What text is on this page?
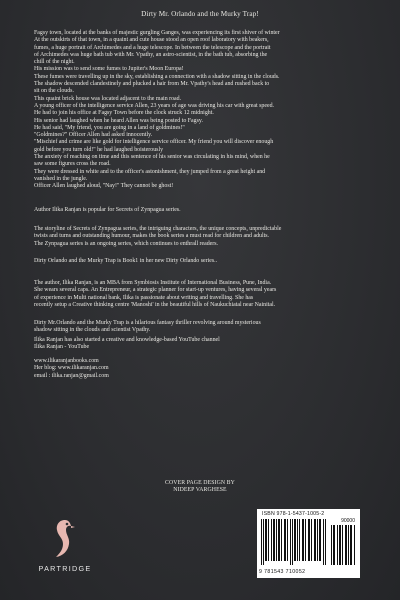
Dirty Mr. Orlando and the Murky Trap!
Fagsy town, located at the banks of majestic gurgling Ganges, was experiencing its first shiver of winter
At the outskirts of that town, in a quaint and cute house stood an open roof laboratory with beakers,
fumes, a huge portrait of Archimedes and a huge telescope. In between the telescope and the portrait
of Archimedes was huge bath tub with Mr. Vpathy, an astro-scientist, in the bath tub, absorbing the
chill of the night.
His mission was to send some fumes to Jupiter's Moon Europa!
These fumes were travelling up in the sky, establishing a connection with a shadow sitting in the clouds.
The shadow descended clandestinely and plucked a hair from Mr. Vpathy's head and rushed back to
sit on the clouds.
This quaint brick house was located adjacent to the main road.
A young officer of the intelligence service Allen, 23 years of age was driving his car with great speed.
He had to join his office at Fagsy Town before the clock struck 12 midnight.
His senior had laughed when he heard Allen was being posted to Fagsy.
He had said, "My friend, you are going in a land of goldmines!"
"Goldmines?" Officer Allen had asked innocently.
"Mischief and crime are like gold for intelligence service officer. My friend you will discover enough
gold before you turn old!" he had laughed boisterously
The anxiety of reaching on time and this sentence of his senior was circulating in his mind, when he
saw some figures cross the road.
They were dressed in white and to the officer's astonishment, they jumped from a great height and
vanished in the jungle.
Officer Allen laughed aloud, "Nay!" They cannot be ghost!
Author Ilika Ranjan is popular for Secrets of Zynpagua series.
The storyline of Secrets of Zynpagua series, the intriguing characters, the unique concepts, unpredictable
twists and turns and outstanding humour, makes the book series a must read for children and adults.
The Zynpagua series is an ongoing series, which continues to enthrall readers.
Dirty Orlando and the Murky Trap is Book1 in her new Dirty Orlando series..
The author, Ilika Ranjan, is an MBA from Symbiosis Institute of International Business, Pune, India.
She wears several caps. An Entrepreneur, a strategic planner for start-up ventures, having several years
of experience in Multi national bank, Ilika is passionate about writing and travelling. She has
recently setup a Creative thinking centre 'Manoshi' in the beautiful hills of Naukuchiatal near Nainital.
Dirty Mr.Orlando and the Murky Trap is a hilarious fantasy thriller revolving around mysterious
shadow sitting in the clouds and scientist Vpathy.
Ilika Ranjan has also started a creative and knowledge-based YouTube channel
Ilika Ranjan - YouTube
www.ilikaranjanbooks.com
Her blog: www.ilikaranjan.com
email : ilika.ranjan@gmail.com
COVER PAGE DESIGN BY
NIDEEP VARGHESE
PARTRIDGE
ISBN 978-1-5437-1005-2
90000
9 781543 710052
